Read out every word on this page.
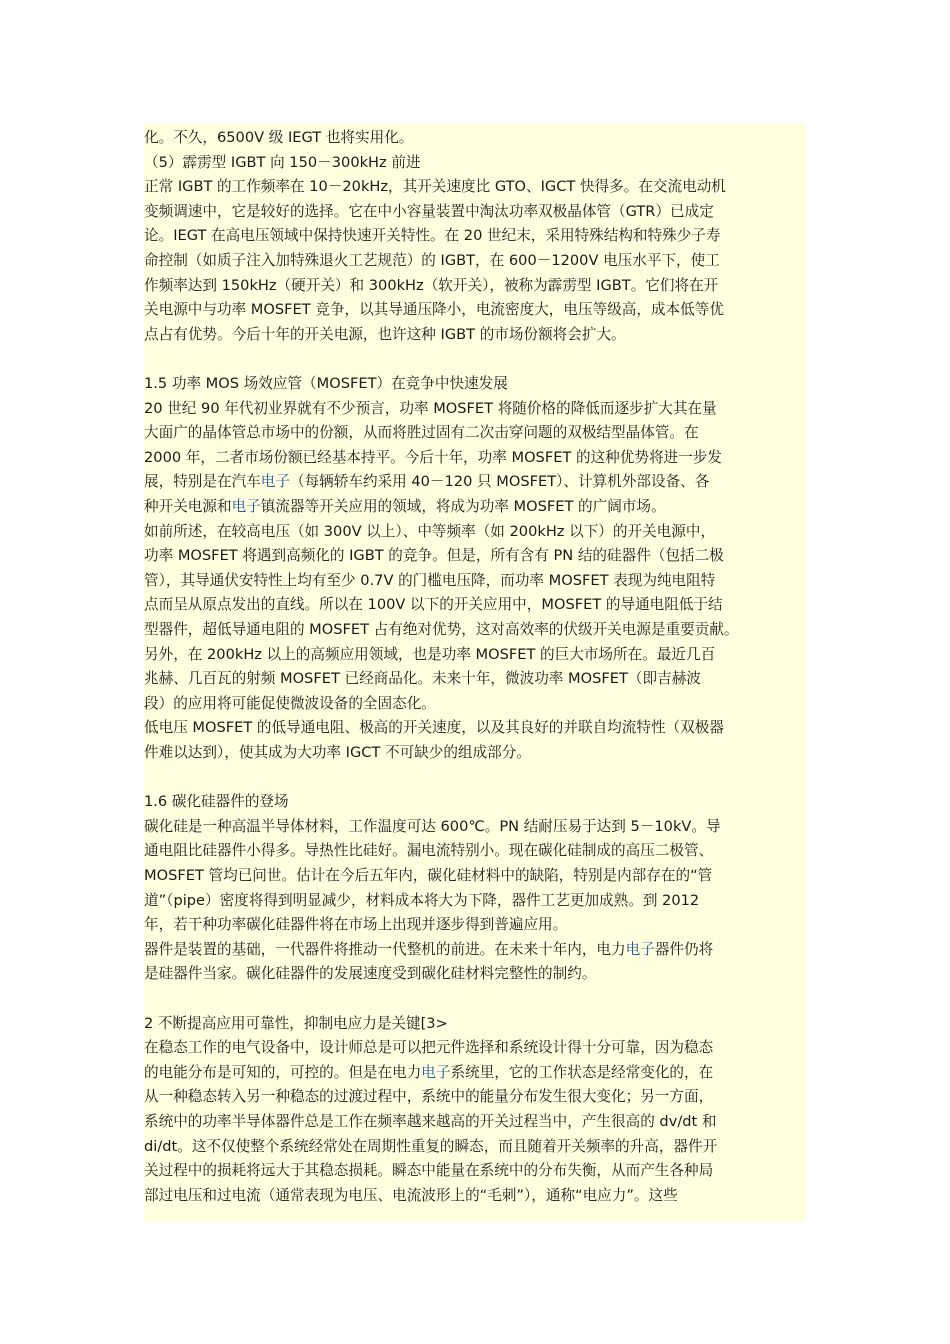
化。不久，6500V 级 IEGT 也将实用化。
（5）霹雳型 IGBT 向 150－300kHz 前进
正常 IGBT 的工作频率在 10－20kHz，其开关速度比 GTO、IGCT 快得多。在交流电动机
变频调速中，它是较好的选择。它在中小容量装置中淘汰功率双极晶体管（GTR）已成定
论。IEGT 在高电压领域中保持快速开关特性。在 20 世纪末，采用特殊结构和特殊少子寿
命控制（如质子注入加特殊退火工艺规范）的 IGBT，在 600－1200V 电压水平下，使工
作频率达到 150kHz（硬开关）和 300kHz（软开关），被称为霹雳型 IGBT。它们将在开
关电源中与功率 MOSFET 竞争，以其导通压降小，电流密度大，电压等级高，成本低等优
点占有优势。今后十年的开关电源，也许这种 IGBT 的市场份额将会扩大。
1.5 功率 MOS 场效应管（MOSFET）在竞争中快速发展
20 世纪 90 年代初业界就有不少预言，功率 MOSFET 将随价格的降低而逐步扩大其在量
大面广的晶体管总市场中的份额，从而将胜过固有二次击穿问题的双极结型晶体管。在
2000 年，二者市场份额已经基本持平。今后十年，功率 MOSFET 的这种优势将进一步发
展，特别是在汽车电子（每辆轿车约采用 40－120 只 MOSFET）、计算机外部设备、各
种开关电源和电子镇流器等开关应用的领域，将成为功率 MOSFET 的广阔市场。
如前所述，在较高电压（如 300V 以上）、中等频率（如 200kHz 以下）的开关电源中，
功率 MOSFET 将遇到高频化的 IGBT 的竞争。但是，所有含有 PN 结的硅器件（包括二极
管），其导通伏安特性上均有至少 0.7V 的门槛电压降，而功率 MOSFET 表现为纯电阻特
点而呈从原点发出的直线。所以在 100V 以下的开关应用中，MOSFET 的导通电阻低于结
型器件，超低导通电阻的 MOSFET 占有绝对优势，这对高效率的伏级开关电源是重要贡献。
另外，在 200kHz 以上的高频应用领域，也是功率 MOSFET 的巨大市场所在。最近几百
兆赫、几百瓦的射频 MOSFET 已经商品化。未来十年，微波功率 MOSFET（即吉赫波
段）的应用将可能促使微波设备的全固态化。
低电压 MOSFET 的低导通电阻、极高的开关速度，以及其良好的并联自均流特性（双极器
件难以达到），使其成为大功率 IGCT 不可缺少的组成部分。
1.6 碳化硅器件的登场
碳化硅是一种高温半导体材料，工作温度可达 600℃。PN 结耐压易于达到 5－10kV。导
通电阻比硅器件小得多。导热性比硅好。漏电流特别小。现在碳化硅制成的高压二极管、
MOSFET 管均已问世。估计在今后五年内，碳化硅材料中的缺陷，特别是内部存在的“管
道”（pipe）密度将得到明显减少，材料成本将大为下降，器件工艺更加成熟。到 2012
年，若干种功率碳化硅器件将在市场上出现并逐步得到普遍应用。
器件是装置的基础，一代器件将推动一代整机的前进。在未来十年内，电力电子器件仍将
是硅器件当家。碳化硅器件的发展速度受到碳化硅材料完整性的制约。
2 不断提高应用可靠性，抑制电应力是关键[3>
在稳态工作的电气设备中，设计师总是可以把元件选择和系统设计得十分可靠，因为稳态
的电能分布是可知的，可控的。但是在电力电子系统里，它的工作状态是经常变化的，在
从一种稳态转入另一种稳态的过渡过程中，系统中的能量分布发生很大变化；另一方面，
系统中的功率半导体器件总是工作在频率越来越高的开关过程当中，产生很高的 dv/dt 和
di/dt。这不仅使整个系统经常处在周期性重复的瞬态，而且随着开关频率的升高，器件开
关过程中的损耗将远大于其稳态损耗。瞬态中能量在系统中的分布失衡，从而产生各种局
部过电压和过电流（通常表现为电压、电流波形上的“毛刺”），通称“电应力”。这些
